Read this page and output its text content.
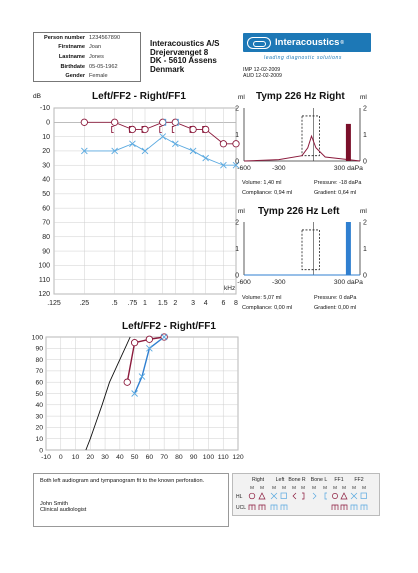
Person number 1234567890
Firstname Joan
Lastname Jones
Birthdate 05-05-1962
Gender Female
Interacoustics A/S
Drejervænget 8
DK - 5610 Assens
Denmark
Interacoustics ®
leading diagnostic solutions
IMP 12-02-2009
AUD 12-02-2009
Left/FF2 - Right/FF1
dB
-10
0
10
20
30
40
50
60
70
80
90
100
110
120
.125	.25	.5 .75 1 1.5 2 3 4 6 8
kHz
ml Tymp 226 Hz Right ml
0	0
1	1
2	2
-600	-300	300 daPa
Volume: 1,40 ml	Pressure: -18 daPa
Compliance: 0,94 ml	Gradient: 0,64 ml
ml Tymp 226 Hz Left	ml
0	0
1	1
2	2
-600	-300	300 daPa
Volume: 5,07 ml	Pressure: 0 daPa
Compliance: 0,00 ml	Gradient: 0,00 ml
Left/FF2 - Right/FF1
0
10
20
30
40
50
60
70
80
90
100
-10 0 10 20 30 40 50 60 70 80 90 100 110 120
Both left audiogram and tympanogram fit to the known perforation.
John Smith
Clinical audiologist
Right Left Bone R Bone L FF1 FF2
M M M M M M M M M M M M
HL
UCL
